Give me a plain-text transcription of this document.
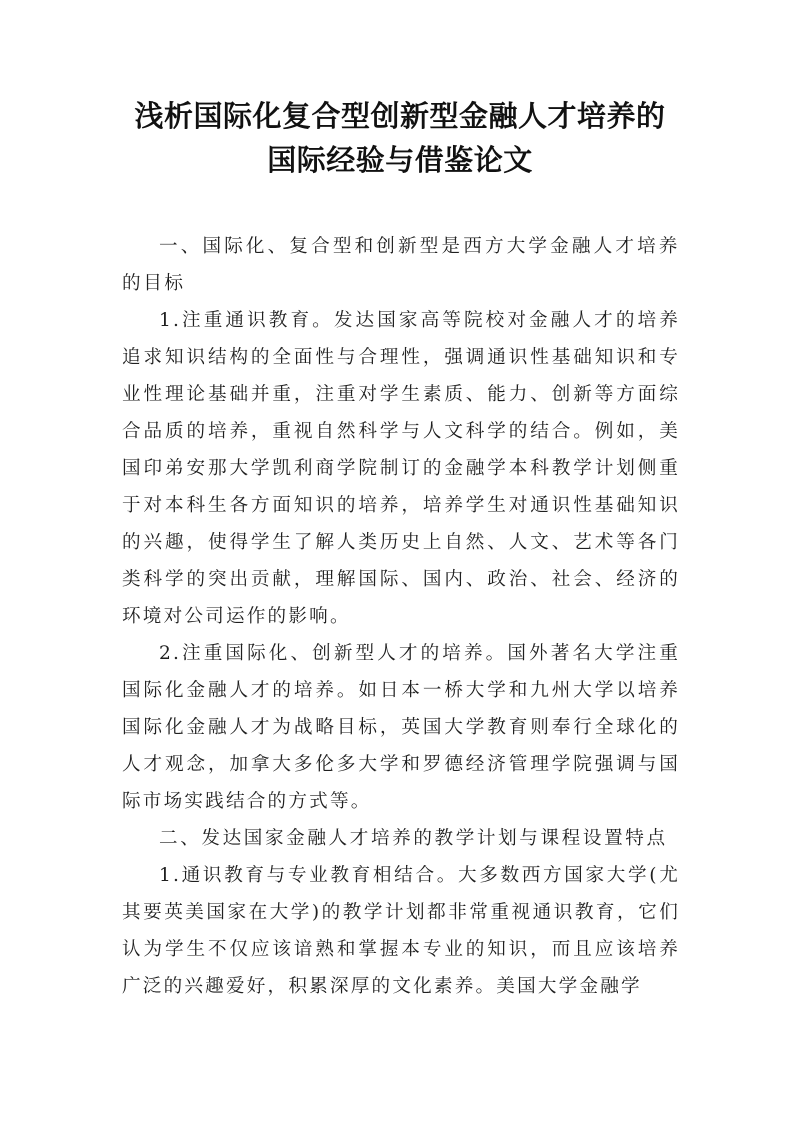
浅析国际化复合型创新型金融人才培养的
国际经验与借鉴论文

一、国际化、复合型和创新型是西方大学金融人才培养的目标

1.注重通识教育。发达国家高等院校对金融人才的培养追求知识结构的全面性与合理性，强调通识性基础知识和专业性理论基础并重，注重对学生素质、能力、创新等方面综合品质的培养，重视自然科学与人文科学的结合。例如，美国印弟安那大学凯利商学院制订的金融学本科教学计划侧重于对本科生各方面知识的培养，培养学生对通识性基础知识的兴趣，使得学生了解人类历史上自然、人文、艺术等各门类科学的突出贡献，理解国际、国内、政治、社会、经济的环境对公司运作的影响。

2.注重国际化、创新型人才的培养。国外著名大学注重国际化金融人才的培养。如日本一桥大学和九州大学以培养国际化金融人才为战略目标，英国大学教育则奉行全球化的人才观念，加拿大多伦多大学和罗德经济管理学院强调与国际市场实践结合的方式等。

二、发达国家金融人才培养的教学计划与课程设置特点

1.通识教育与专业教育相结合。大多数西方国家大学(尤其要英美国家在大学)的教学计划都非常重视通识教育，它们认为学生不仅应该谙熟和掌握本专业的知识，而且应该培养广泛的兴趣爱好，积累深厚的文化素养。美国大学金融学
